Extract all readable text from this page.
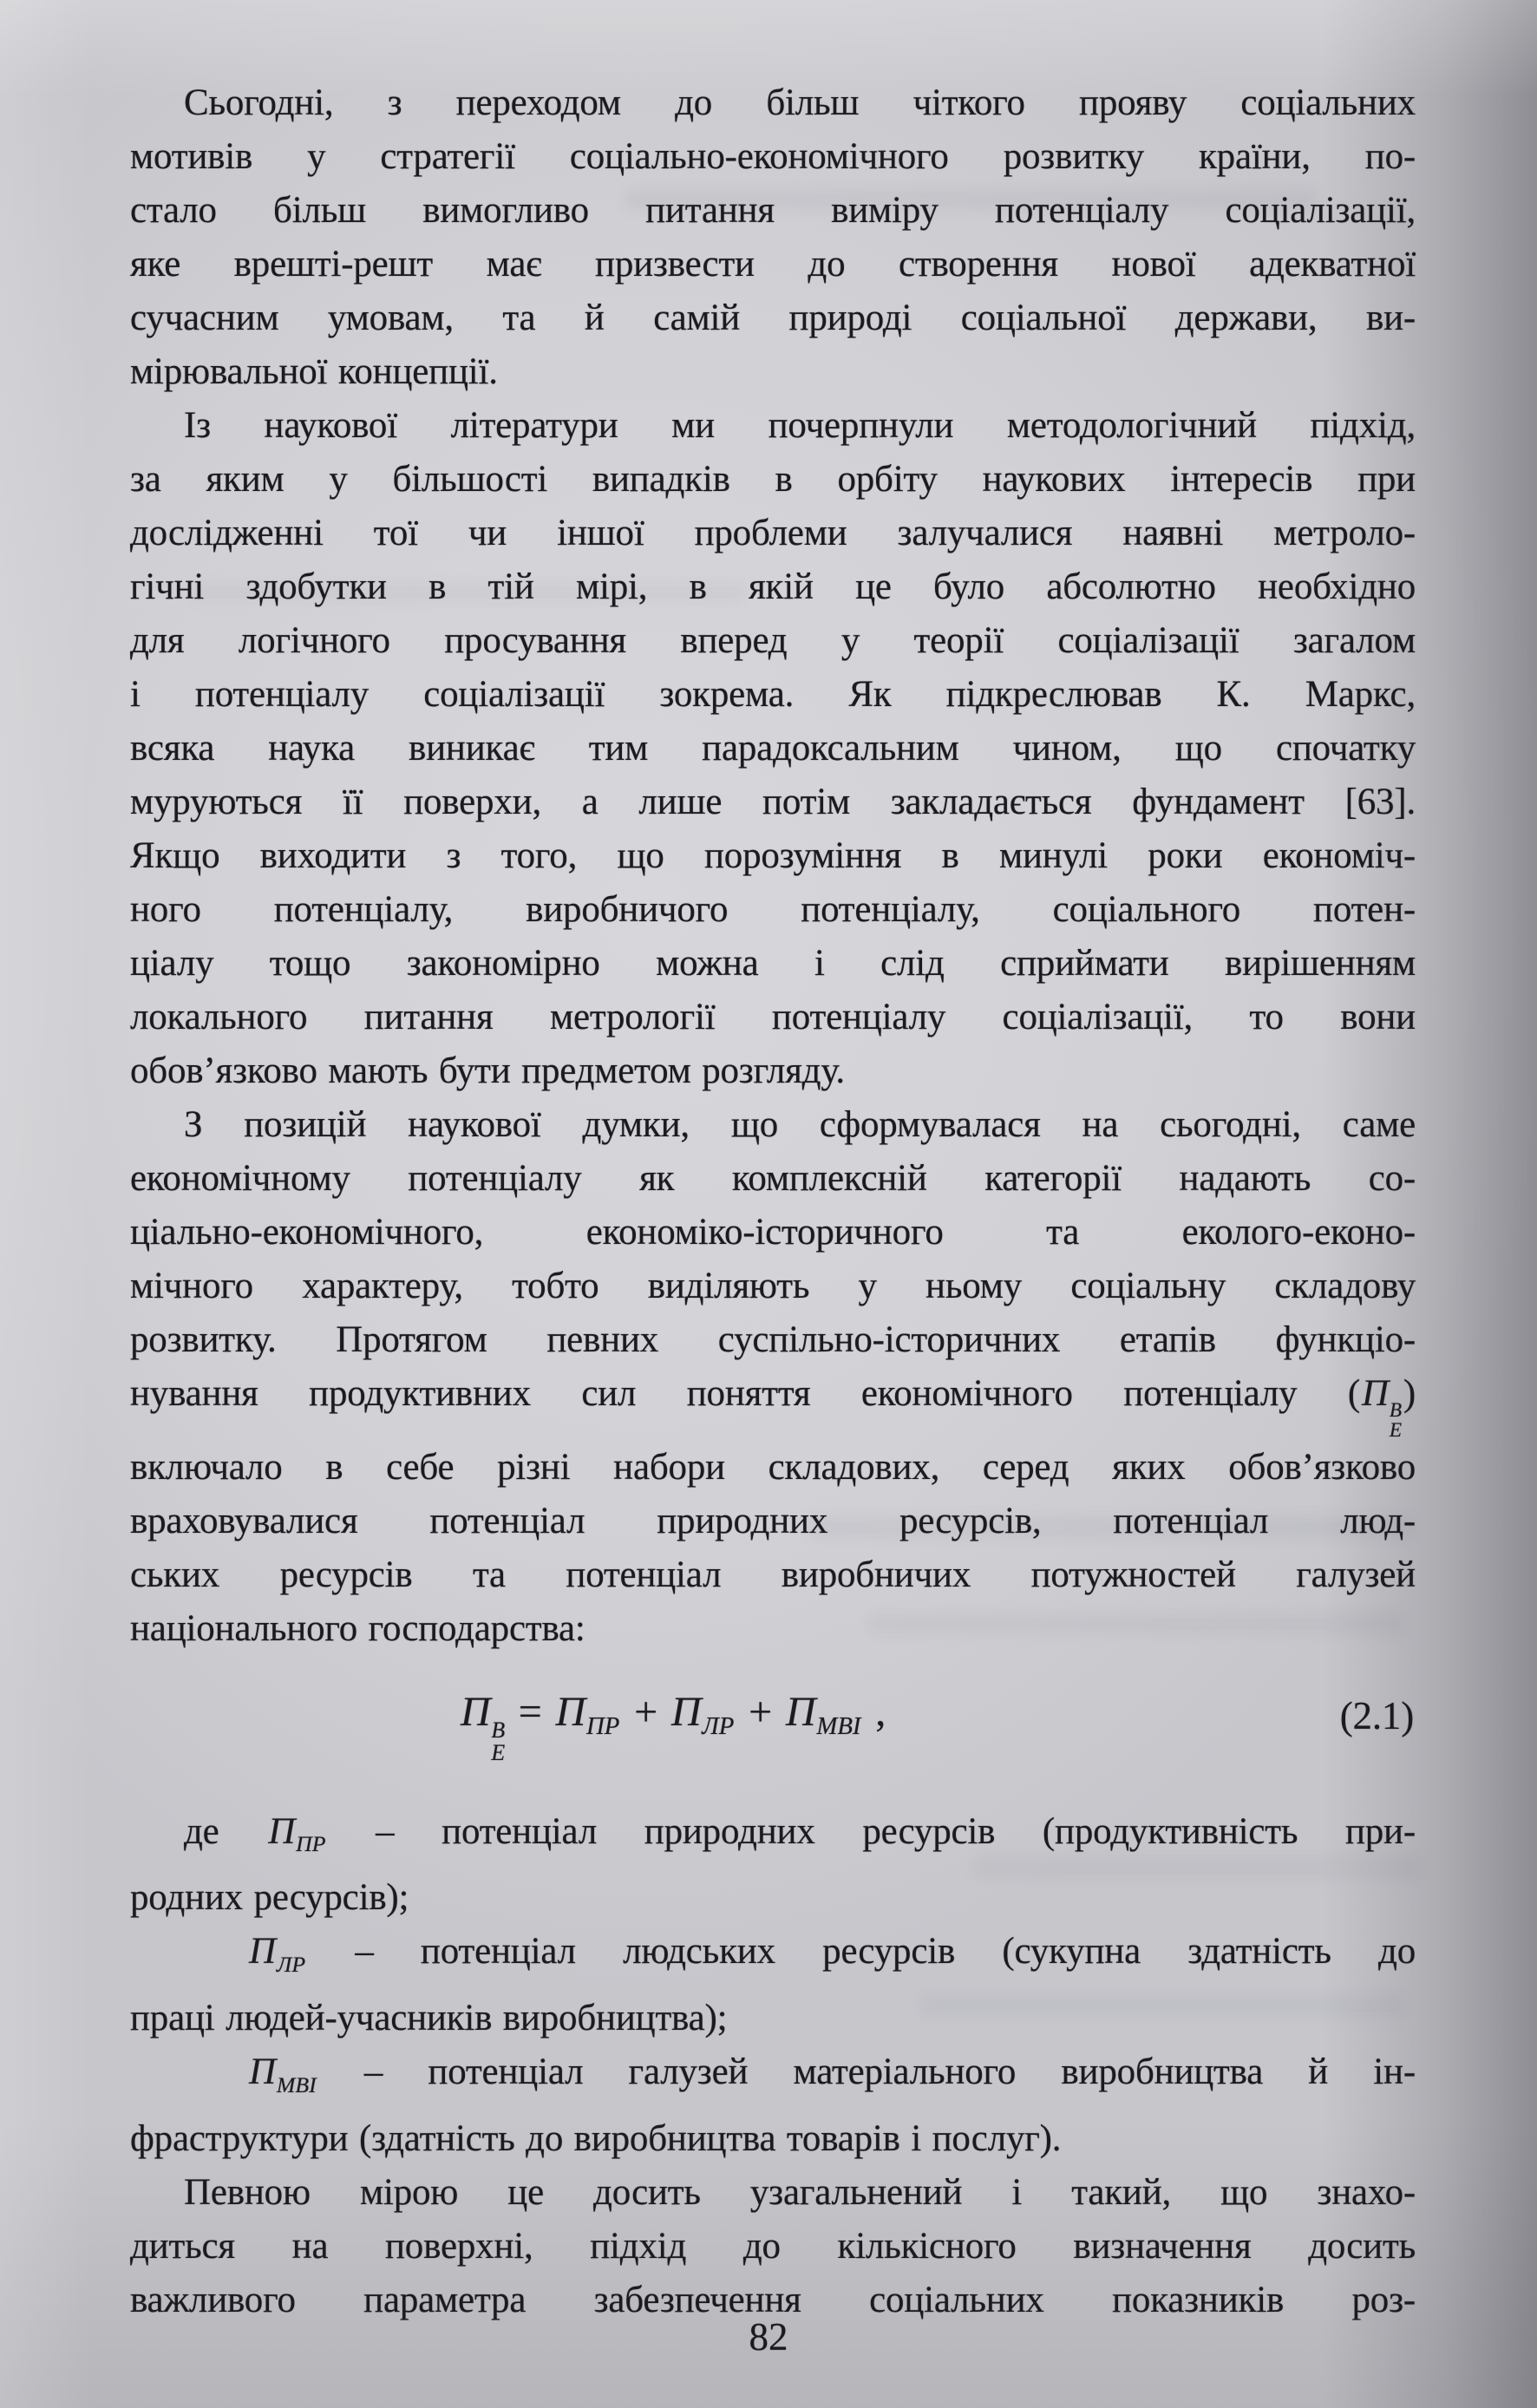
Сьогодні, з переходом до більш чіткого прояву соціальних
мотивів у стратегії соціально-економічного розвитку країни, по-
стало більш вимогливо питання виміру потенціалу соціалізації,
яке врешті-решт має призвести до створення нової адекватної
сучасним умовам, та й самій природі соціальної держави, ви-
мірювальної концепції.
Із наукової літератури ми почерпнули методологічний підхід,
за яким у більшості випадків в орбіту наукових інтересів при
дослідженні тої чи іншої проблеми залучалися наявні метроло-
гічні здобутки в тій мірі, в якій це було абсолютно необхідно
для логічного просування вперед у теорії соціалізації загалом
і потенціалу соціалізації зокрема. Як підкреслював К. Маркс,
всяка наука виникає тим парадоксальним чином, що спочатку
муруються її поверхи, а лише потім закладається фундамент [63].
Якщо виходити з того, що порозуміння в минулі роки економіч-
ного потенціалу, виробничого потенціалу, соціального потен-
ціалу тощо закономірно можна і слід сприймати вирішенням
локального питання метрології потенціалу соціалізації, то вони
обов’язково мають бути предметом розгляду.
З позицій наукової думки, що сформувалася на сьогодні, саме
економічному потенціалу як комплексній категорії надають со-
ціально-економічного, економіко-історичного та еколого-еконо-
мічного характеру, тобто виділяють у ньому соціальну складову
розвитку. Протягом певних суспільно-історичних етапів функціо-
нування продуктивних сил поняття економічного потенціалу (П В
Е
)
включало в себе різні набори складових, серед яких обов’язково
враховувалися потенціал природних ресурсів, потенціал люд-
ських ресурсів та потенціал виробничих потужностей галузей
національного господарства:
П В
Е
= $П_{ПР} + П_{ЛР} + П_{МВІ}$ ,	(2.1)
де $П_{ПР}$ – потенціал природних ресурсів (продуктивність при-
родних ресурсів);
$П_{ЛР}$ – потенціал людських ресурсів (сукупна здатність до
праці людей-учасників виробництва);
$П_{МВІ}$ – потенціал галузей матеріального виробництва й ін-
фраструктури (здатність до виробництва товарів і послуг).
Певною мірою це досить узагальнений і такий, що знахо-
диться на поверхні, підхід до кількісного визначення досить
важливого параметра забезпечення соціальних показників роз-
82
